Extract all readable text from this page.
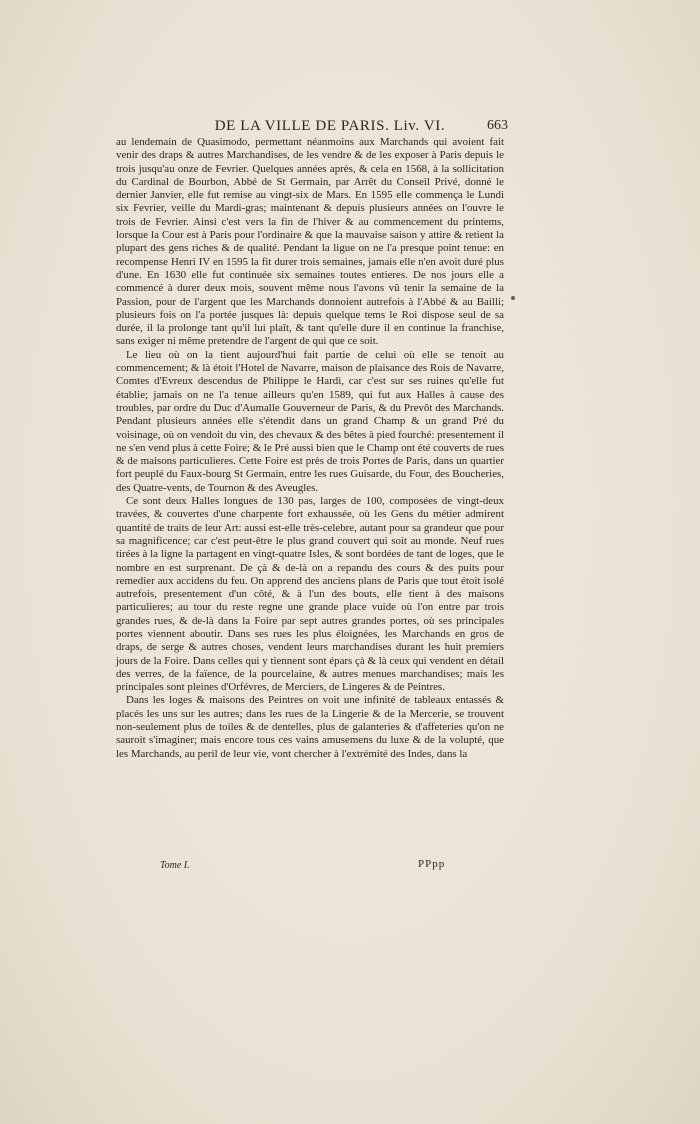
DE LA VILLE DE PARIS. Liv. VI.	663

au lendemain de Quasimodo, permettant néanmoins aux Marchands qui avoient fait venir des draps & autres Marchandises, de les vendre & de les exposer à Paris depuis le trois jusqu'au onze de Fevrier. Quelques années après, & cela en 1568, à la sollicitation du Cardinal de Bourbon, Abbé de St Germain, par Arrêt du Conseil Privé, donné le dernier Janvier, elle fut remise au vingt-six de Mars. En 1595 elle commença le Lundi six Fevrier, veille du Mardi-gras; maintenant & depuis plusieurs années on l'ouvre le trois de Fevrier. Ainsi c'est vers la fin de l'hiver & au commencement du printems, lorsque la Cour est à Paris pour l'ordinaire & que la mauvaise saison y attire & retient la plupart des gens riches & de qualité. Pendant la ligue on ne l'a presque point tenue: en recompense Henri IV en 1595 la fit durer trois semaines, jamais elle n'en avoit duré plus d'une. En 1630 elle fut continuée six semaines toutes entieres. De nos jours elle a commencé à durer deux mois, souvent même nous l'avons vû tenir la semaine de la Passion, pour de l'argent que les Marchands donnoient autrefois à l'Abbé & au Bailli; plusieurs fois on l'a portée jusques là: depuis quelque tems le Roi dispose seul de sa durée, il la prolonge tant qu'il lui plaît, & tant qu'elle dure il en continue la franchise, sans exiger ni même pretendre de l'argent de qui que ce soit.

Le lieu où on la tient aujourd'hui fait partie de celui où elle se tenoit au commencement; & là étoit l'Hotel de Navarre, maison de plaisance des Rois de Navarre, Comtes d'Evreux descendus de Philippe le Hardi, car c'est sur ses ruines qu'elle fut établie; jamais on ne l'a tenue ailleurs qu'en 1589, qui fut aux Halles à cause des troubles, par ordre du Duc d'Aumalle Gouverneur de Paris, & du Prevôt des Marchands. Pendant plusieurs années elle s'étendit dans un grand Champ & un grand Pré du voisinage, où on vendoit du vin, des chevaux & des bêtes à pied fourché: presentement il ne s'en vend plus à cette Foire; & le Pré aussi bien que le Champ ont été couverts de rues & de maisons particulieres. Cette Foire est près de trois Portes de Paris, dans un quartier fort peuplé du Faux-bourg St Germain, entre les rues Guisarde, du Four, des Boucheries, des Quatre-vents, de Tournon & des Aveugles.

Ce sont deux Halles longues de 130 pas, larges de 100, composées de vingt-deux travées, & couvertes d'une charpente fort exhaussée, où les Gens du métier admirent quantité de traits de leur Art: aussi est-elle très-celebre, autant pour sa grandeur que pour sa magnificence; car c'est peut-être le plus grand couvert qui soit au monde. Neuf rues tirées à la ligne la partagent en vingt-quatre Isles, & sont bordées de tant de loges, que le nombre en est surprenant. De çà & de-là on a repandu des cours & des puits pour remedier aux accidens du feu. On apprend des anciens plans de Paris que tout étoit isolé autrefois, presentement d'un côté, & à l'un des bouts, elle tient à des maisons particulieres; au tour du reste regne une grande place vuide où l'on entre par trois grandes rues, & de-là dans la Foire par sept autres grandes portes, où ses principales portes viennent aboutir. Dans ses rues les plus éloignées, les Marchands en gros de draps, de serge & autres choses, vendent leurs marchandises durant les huit premiers jours de la Foire. Dans celles qui y tiennent sont épars çà & là ceux qui vendent en détail des verres, de la faïence, de la pourcelaine, & autres menues marchandises; mais les principales sont pleines d'Orfévres, de Merciers, de Lingeres & de Peintres.

Dans les loges & maisons des Peintres on voit une infinité de tableaux entassés & placés les uns sur les autres; dans les rues de la Lingerie & de la Mercerie, se trouvent non-seulement plus de toiles & de dentelles, plus de galanteries & d'affeteries qu'on ne sauroit s'imaginer; mais encore tous ces vains amusemens du luxe & de la volupté, que les Marchands, au peril de leur vie, vont chercher à l'extrémité des Indes, dans la

Tome I.	PPpp
